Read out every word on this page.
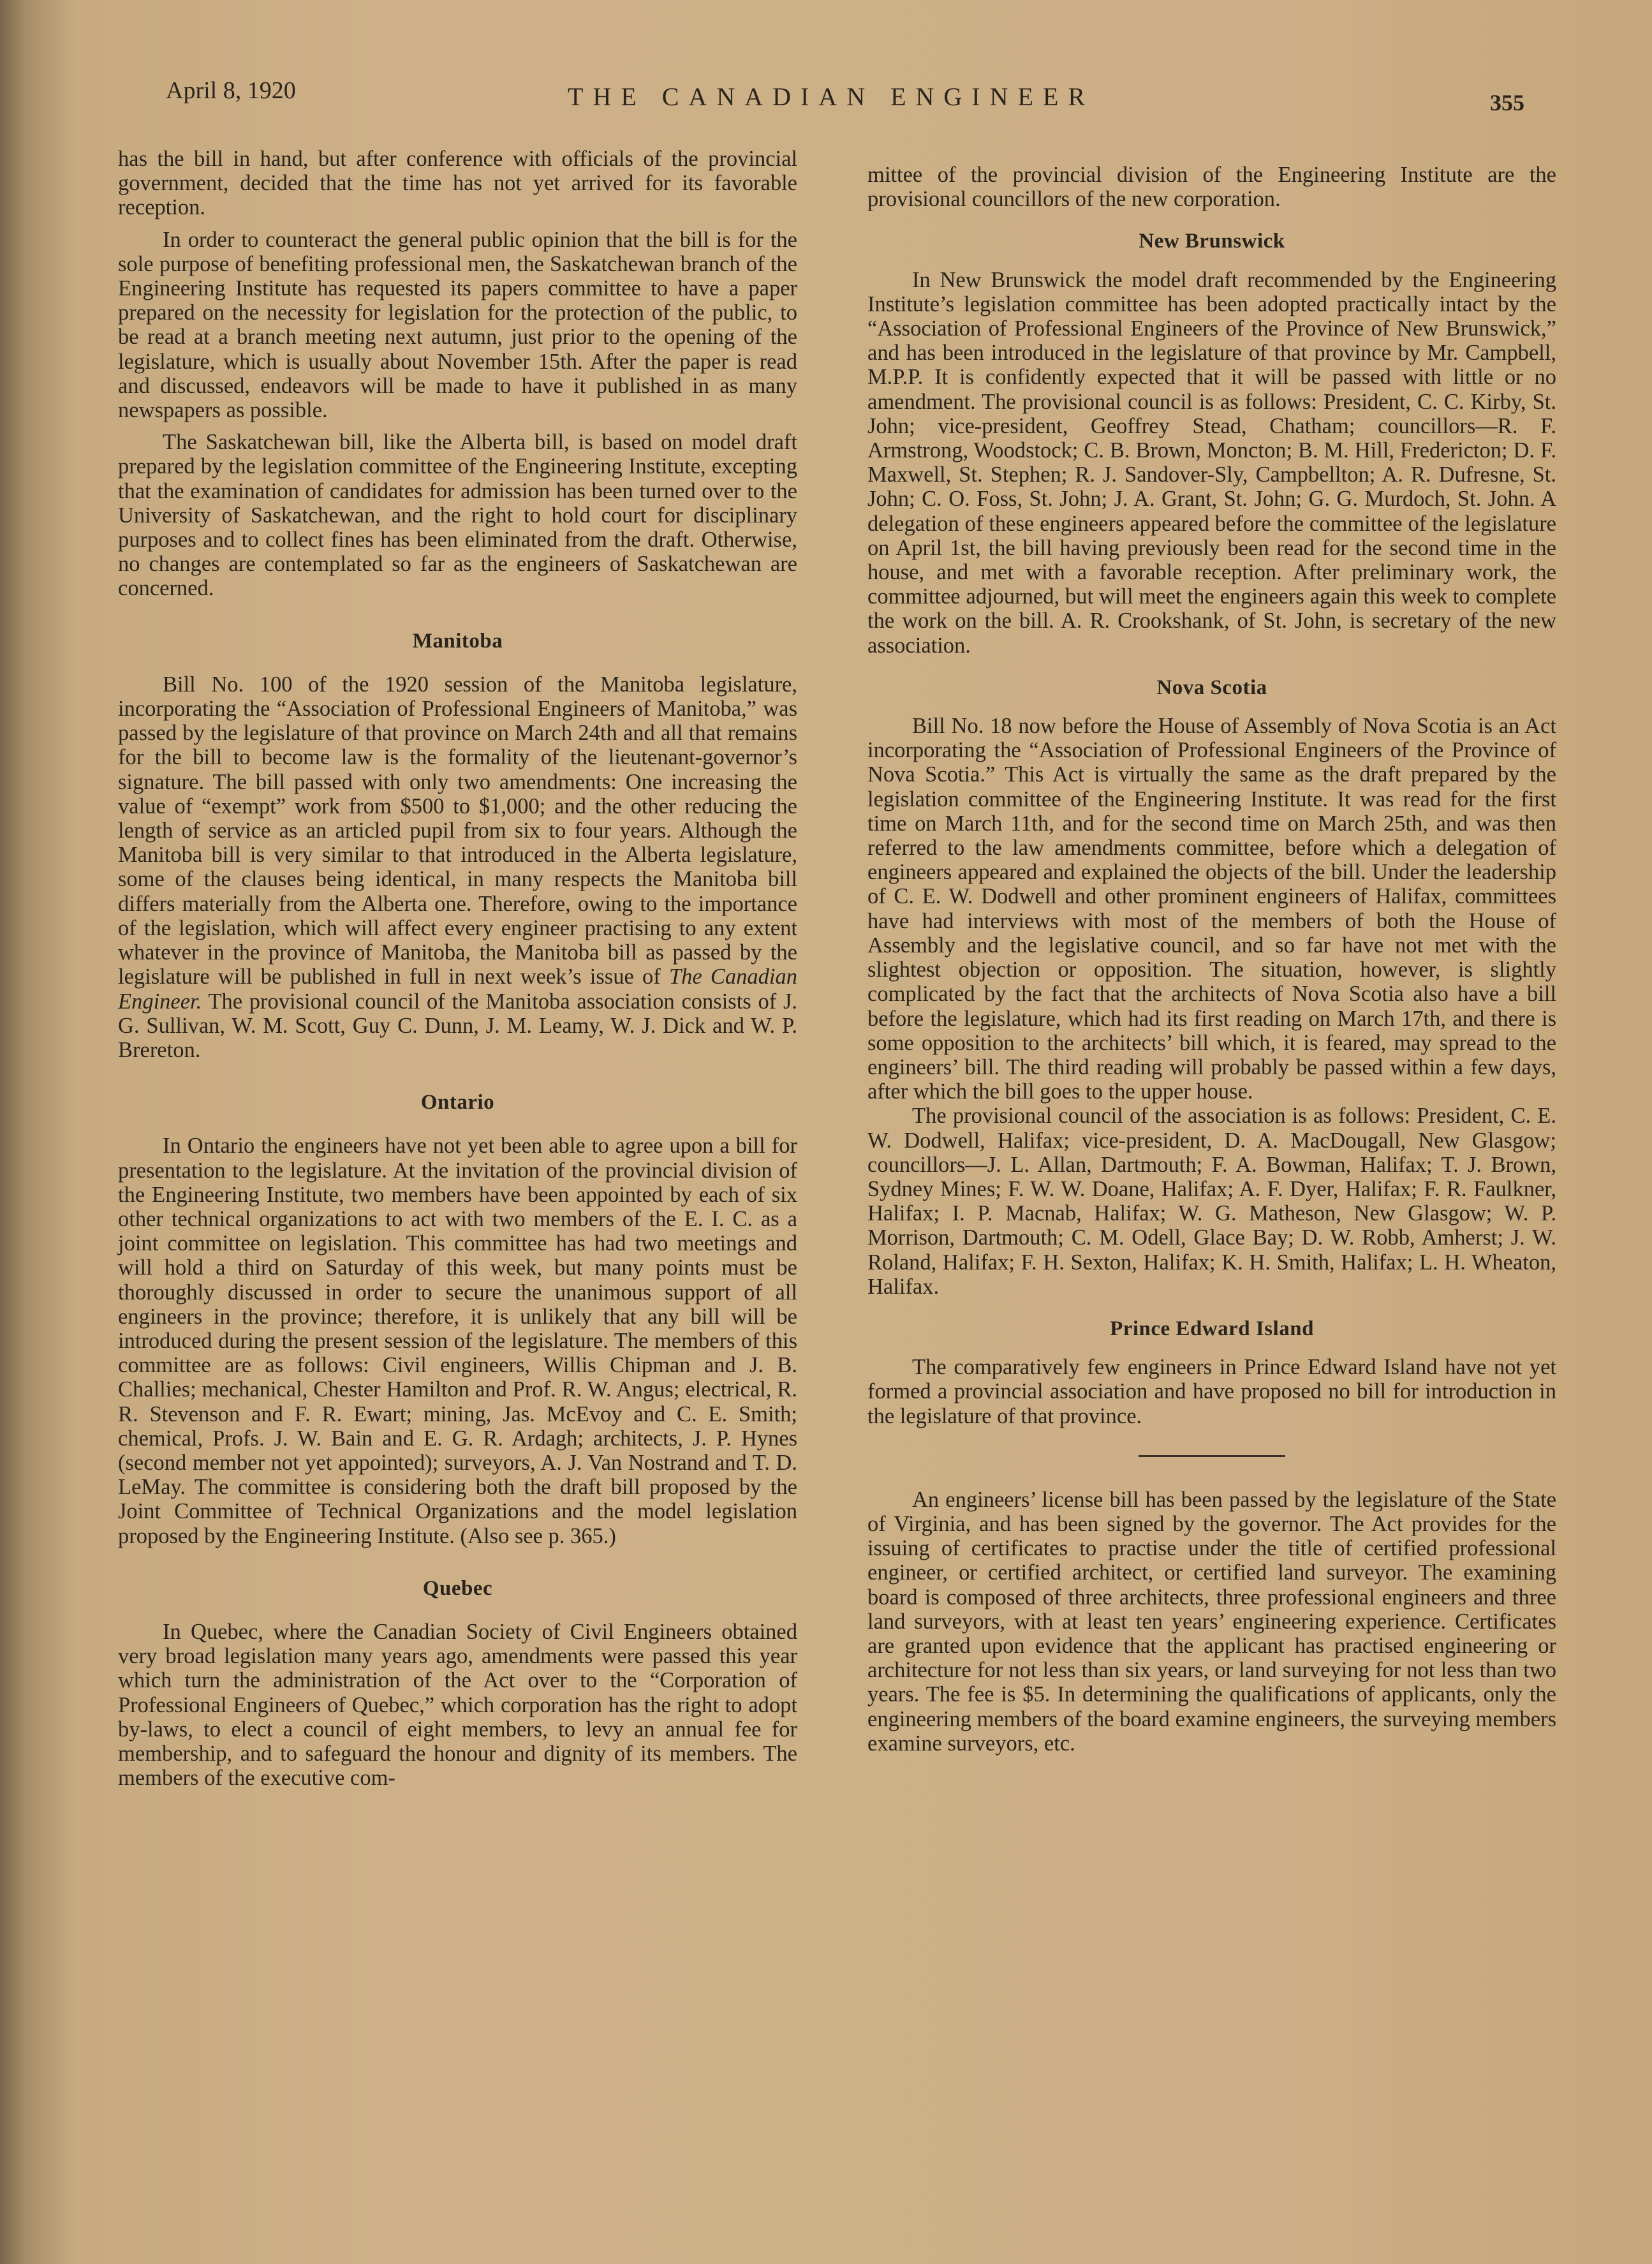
April 8, 1920	THE CANADIAN ENGINEER	355

has the bill in hand, but after conference with officials of the provincial government, decided that the time has not yet arrived for its favorable reception.

In order to counteract the general public opinion that the bill is for the sole purpose of benefiting professional men, the Saskatchewan branch of the Engineering Institute has requested its papers committee to have a paper prepared on the necessity for legislation for the protection of the public, to be read at a branch meeting next autumn, just prior to the opening of the legislature, which is usually about November 15th. After the paper is read and discussed, endeavors will be made to have it published in as many newspapers as possible.

The Saskatchewan bill, like the Alberta bill, is based on model draft prepared by the legislation committee of the Engineering Institute, excepting that the examination of candidates for admission has been turned over to the University of Saskatchewan, and the right to hold court for disciplinary purposes and to collect fines has been eliminated from the draft. Otherwise, no changes are contemplated so far as the engineers of Saskatchewan are concerned.

Manitoba

Bill No. 100 of the 1920 session of the Manitoba legislature, incorporating the “Association of Professional Engineers of Manitoba,” was passed by the legislature of that province on March 24th and all that remains for the bill to become law is the formality of the lieutenant-governor’s signature. The bill passed with only two amendments: One increasing the value of “exempt” work from $500 to $1,000; and the other reducing the length of service as an articled pupil from six to four years. Although the Manitoba bill is very similar to that introduced in the Alberta legislature, some of the clauses being identical, in many respects the Manitoba bill differs materially from the Alberta one. Therefore, owing to the importance of the legislation, which will affect every engineer practising to any extent whatever in the province of Manitoba, the Manitoba bill as passed by the legislature will be published in full in next week’s issue of The Canadian Engineer. The provisional council of the Manitoba association consists of J. G. Sullivan, W. M. Scott, Guy C. Dunn, J. M. Leamy, W. J. Dick and W. P. Brereton.

Ontario

In Ontario the engineers have not yet been able to agree upon a bill for presentation to the legislature. At the invitation of the provincial division of the Engineering Institute, two members have been appointed by each of six other technical organizations to act with two members of the E. I. C. as a joint committee on legislation. This committee has had two meetings and will hold a third on Saturday of this week, but many points must be thoroughly discussed in order to secure the unanimous support of all engineers in the province; therefore, it is unlikely that any bill will be introduced during the present session of the legislature. The members of this committee are as follows: Civil engineers, Willis Chipman and J. B. Challies; mechanical, Chester Hamilton and Prof. R. W. Angus; electrical, R. R. Stevenson and F. R. Ewart; mining, Jas. McEvoy and C. E. Smith; chemical, Profs. J. W. Bain and E. G. R. Ardagh; architects, J. P. Hynes (second member not yet appointed); surveyors, A. J. Van Nostrand and T. D. LeMay. The committee is considering both the draft bill proposed by the Joint Committee of Technical Organizations and the model legislation proposed by the Engineering Institute. (Also see p. 365.)

Quebec

In Quebec, where the Canadian Society of Civil Engineers obtained very broad legislation many years ago, amendments were passed this year which turn the administration of the Act over to the “Corporation of Professional Engineers of Quebec,” which corporation has the right to adopt by-laws, to elect a council of eight members, to levy an annual fee for membership, and to safeguard the honour and dignity of its members. The members of the executive com-

mittee of the provincial division of the Engineering Institute are the provisional councillors of the new corporation.

New Brunswick

In New Brunswick the model draft recommended by the Engineering Institute’s legislation committee has been adopted practically intact by the “Association of Professional Engineers of the Province of New Brunswick,” and has been introduced in the legislature of that province by Mr. Campbell, M.P.P. It is confidently expected that it will be passed with little or no amendment. The provisional council is as follows: President, C. C. Kirby, St. John; vice-president, Geoffrey Stead, Chatham; councillors—R. F. Armstrong, Woodstock; C. B. Brown, Moncton; B. M. Hill, Fredericton; D. F. Maxwell, St. Stephen; R. J. Sandover-Sly, Campbellton; A. R. Dufresne, St. John; C. O. Foss, St. John; J. A. Grant, St. John; G. G. Murdoch, St. John. A delegation of these engineers appeared before the committee of the legislature on April 1st, the bill having previously been read for the second time in the house, and met with a favorable reception. After preliminary work, the committee adjourned, but will meet the engineers again this week to complete the work on the bill. A. R. Crookshank, of St. John, is secretary of the new association.

Nova Scotia

Bill No. 18 now before the House of Assembly of Nova Scotia is an Act incorporating the “Association of Professional Engineers of the Province of Nova Scotia.” This Act is virtually the same as the draft prepared by the legislation committee of the Engineering Institute. It was read for the first time on March 11th, and for the second time on March 25th, and was then referred to the law amendments committee, before which a delegation of engineers appeared and explained the objects of the bill. Under the leadership of C. E. W. Dodwell and other prominent engineers of Halifax, committees have had interviews with most of the members of both the House of Assembly and the legislative council, and so far have not met with the slightest objection or opposition. The situation, however, is slightly complicated by the fact that the architects of Nova Scotia also have a bill before the legislature, which had its first reading on March 17th, and there is some opposition to the architects’ bill which, it is feared, may spread to the engineers’ bill. The third reading will probably be passed within a few days, after which the bill goes to the upper house.

The provisional council of the association is as follows: President, C. E. W. Dodwell, Halifax; vice-president, D. A. MacDougall, New Glasgow; councillors—J. L. Allan, Dartmouth; F. A. Bowman, Halifax; T. J. Brown, Sydney Mines; F. W. W. Doane, Halifax; A. F. Dyer, Halifax; F. R. Faulkner, Halifax; I. P. Macnab, Halifax; W. G. Matheson, New Glasgow; W. P. Morrison, Dartmouth; C. M. Odell, Glace Bay; D. W. Robb, Amherst; J. W. Roland, Halifax; F. H. Sexton, Halifax; K. H. Smith, Halifax; L. H. Wheaton, Halifax.

Prince Edward Island

The comparatively few engineers in Prince Edward Island have not yet formed a provincial association and have proposed no bill for introduction in the legislature of that province.

An engineers’ license bill has been passed by the legislature of the State of Virginia, and has been signed by the governor. The Act provides for the issuing of certificates to practise under the title of certified professional engineer, or certified architect, or certified land surveyor. The examining board is composed of three architects, three professional engineers and three land surveyors, with at least ten years’ engineering experience. Certificates are granted upon evidence that the applicant has practised engineering or architecture for not less than six years, or land surveying for not less than two years. The fee is $5. In determining the qualifications of applicants, only the engineering members of the board examine engineers, the surveying members examine surveyors, etc.
